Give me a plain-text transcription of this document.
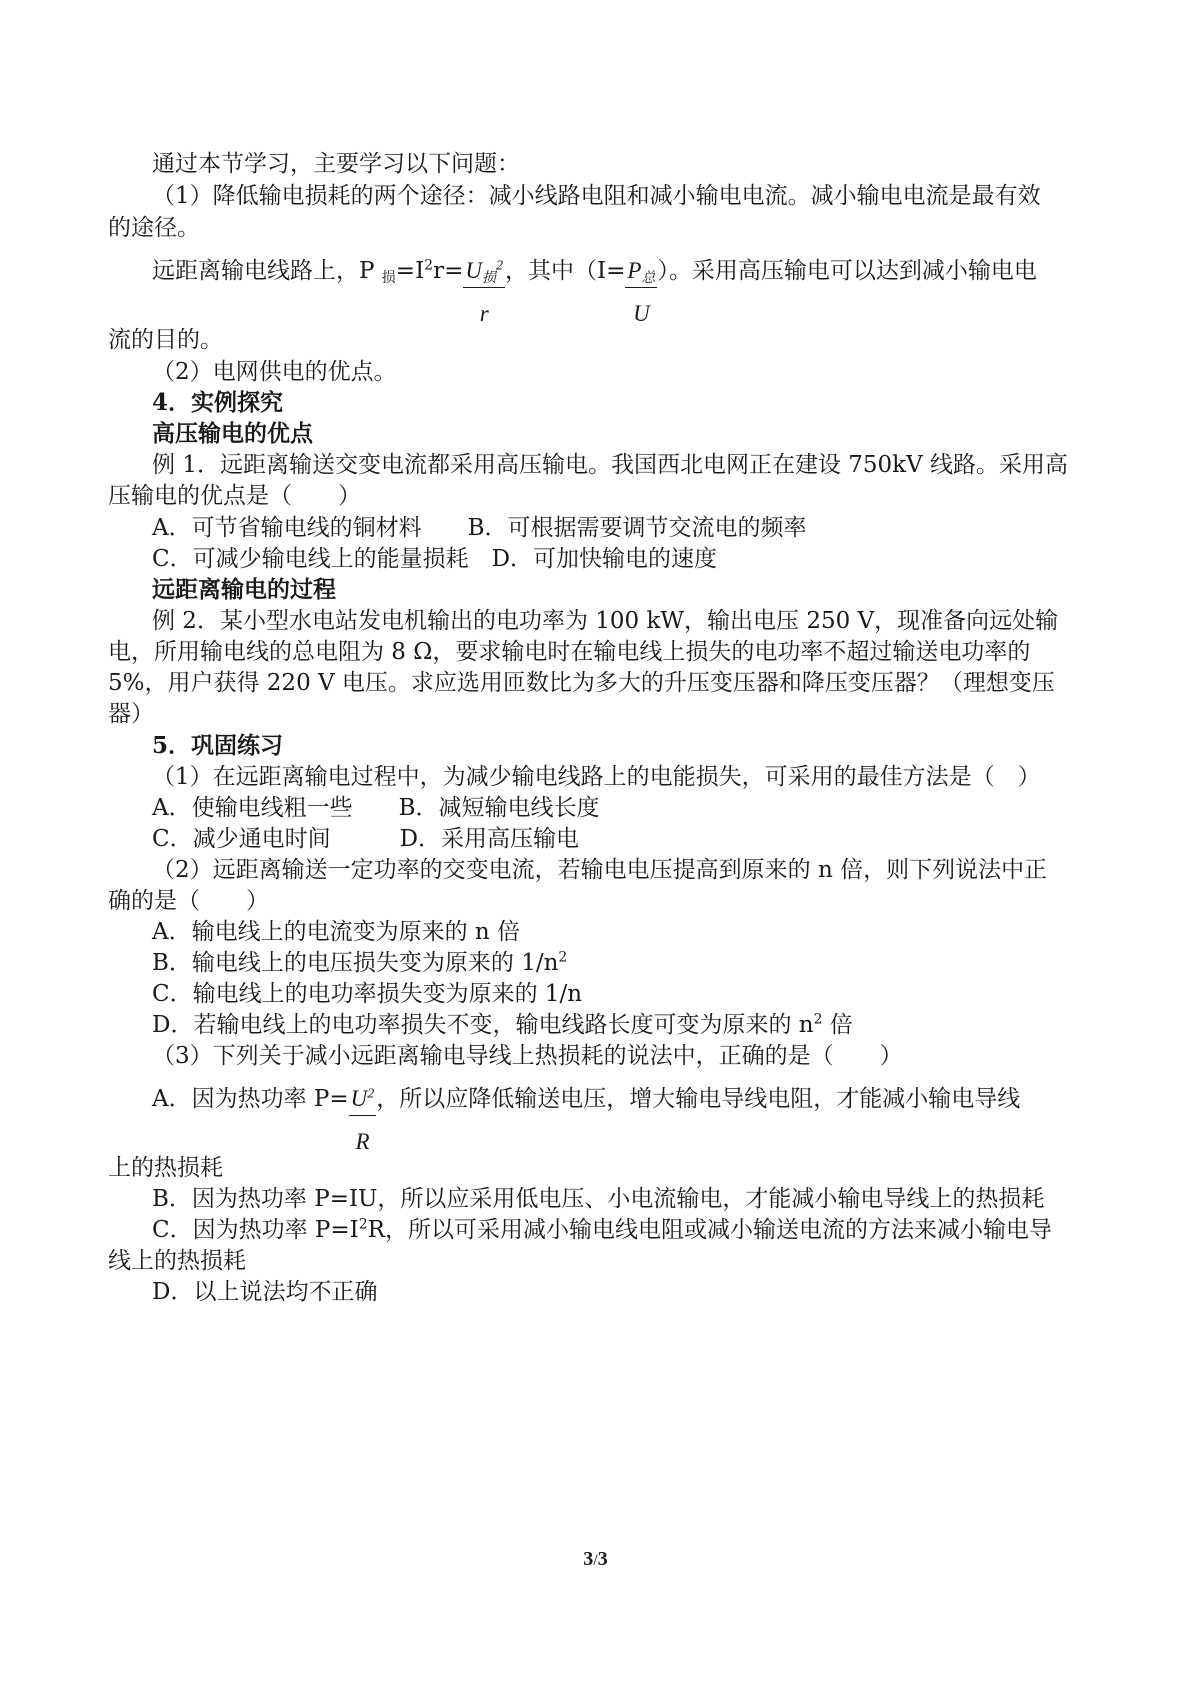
通过本节学习，主要学习以下问题：
（1）降低输电损耗的两个途径：减小线路电阻和减小输电电流。减小输电电流是最有效
的途径。
远距离输电线路上，P $_损=I^2r= \frac{U_损^2}{r}$ ，其中（$I= \frac{P_总}{U}$ ）。采用高压输电可以达到减小输电电
流的目的。
（2）电网供电的优点。
4．实例探究
高压输电的优点
例 1．远距离输送交变电流都采用高压输电。我国西北电网正在建设 750kV 线路。采用高
压输电的优点是（　　）
A．可节省输电线的铜材料　　B．可根据需要调节交流电的频率
C．可减少输电线上的能量损耗　D．可加快输电的速度
远距离输电的过程
例 2．某小型水电站发电机输出的电功率为 100 kW，输出电压 250 V，现准备向远处输
电，所用输电线的总电阻为 8 Ω，要求输电时在输电线上损失的电功率不超过输送电功率的
5%，用户获得 220 V 电压。求应选用匝数比为多大的升压变压器和降压变压器？（理想变压
器）
5．巩固练习
（1）在远距离输电过程中，为减少输电线路上的电能损失，可采用的最佳方法是（　）
A．使输电线粗一些　　B．减短输电线长度
C．减少通电时间　　　D．采用高压输电
（2）远距离输送一定功率的交变电流，若输电电压提高到原来的 n 倍，则下列说法中正
确的是（　　）
A．输电线上的电流变为原来的 n 倍
B．输电线上的电压损失变为原来的 $1/n^2$
C．输电线上的电功率损失变为原来的 1/n
D．若输电线上的电功率损失不变，输电线路长度可变为原来的 $n^2$ 倍
（3）下列关于减小远距离输电导线上热损耗的说法中，正确的是（　　）
A．因为热功率 $P= \frac{U^2}{R}$ ，所以应降低输送电压，增大输电导线电阻，才能减小输电导线
上的热损耗
B．因为热功率 P=IU，所以应采用低电压、小电流输电，才能减小输电导线上的热损耗
C．因为热功率 $P=I^2R$，所以可采用减小输电线电阻或减小输送电流的方法来减小输电导
线上的热损耗
D．以上说法均不正确
3/3
